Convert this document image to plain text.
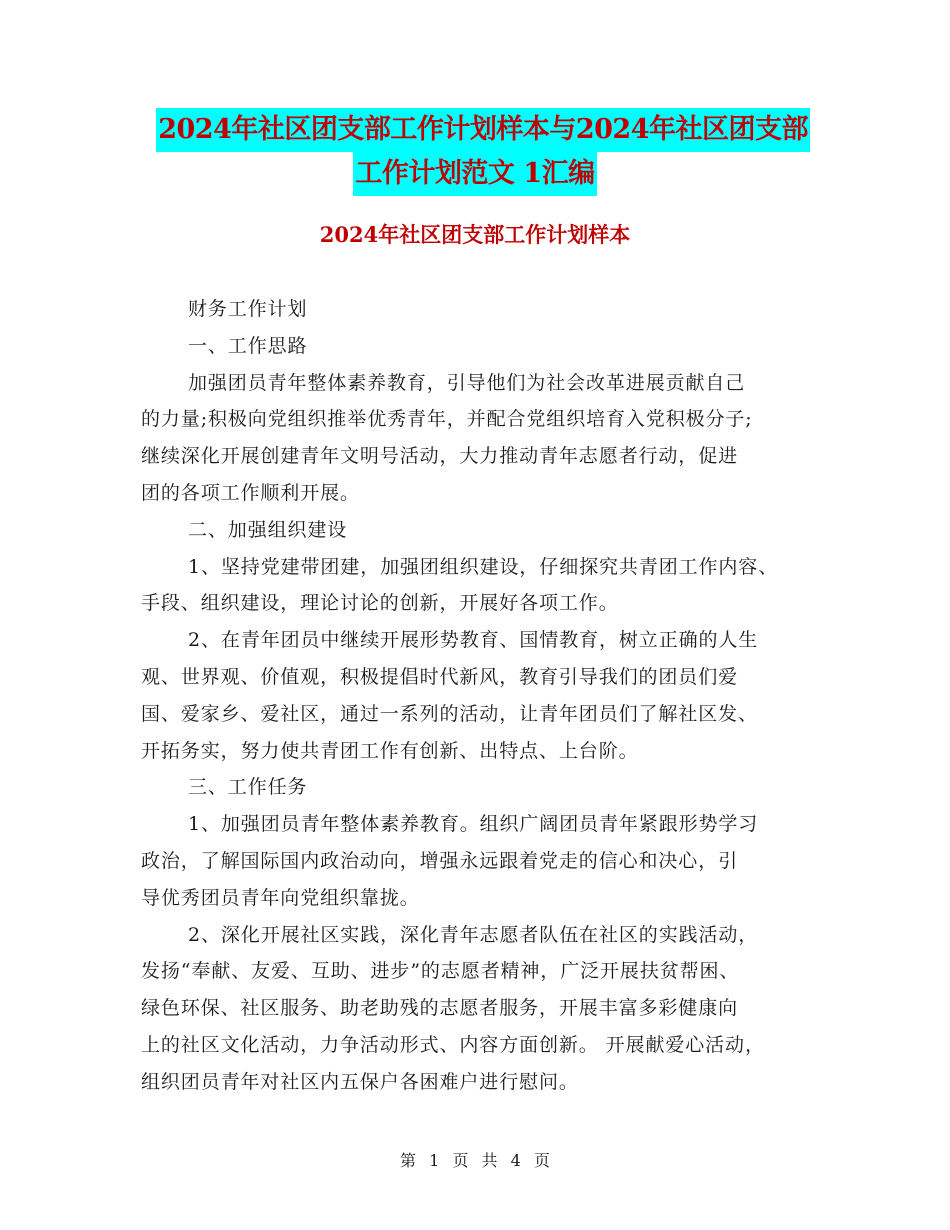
2024年社区团支部工作计划样本与2024年社区团支部
工作计划范文 1汇编
2024年社区团支部工作计划样本
财务工作计划
一、工作思路
加强团员青年整体素养教育，引导他们为社会改革进展贡献自己
的力量;积极向党组织推举优秀青年，并配合党组织培育入党积极分子;
继续深化开展创建青年文明号活动，大力推动青年志愿者行动，促进
团的各项工作顺利开展。
二、加强组织建设
1、坚持党建带团建，加强团组织建设，仔细探究共青团工作内容、
手段、组织建设，理论讨论的创新，开展好各项工作。
2、在青年团员中继续开展形势教育、国情教育，树立正确的人生
观、世界观、价值观，积极提倡时代新风，教育引导我们的团员们爱
国、爱家乡、爱社区，通过一系列的活动，让青年团员们了解社区发、
开拓务实，努力使共青团工作有创新、出特点、上台阶。
三、工作任务
1、加强团员青年整体素养教育。组织广阔团员青年紧跟形势学习
政治，了解国际国内政治动向，增强永远跟着党走的信心和决心，引
导优秀团员青年向党组织靠拢。
2、深化开展社区实践，深化青年志愿者队伍在社区的实践活动，
发扬“奉献、友爱、互助、进步”的志愿者精神，广泛开展扶贫帮困、
绿色环保、社区服务、助老助残的志愿者服务，开展丰富多彩健康向
上的社区文化活动，力争活动形式、内容方面创新。 开展献爱心活动，
组织团员青年对社区内五保户各困难户进行慰问。
第 1 页 共 4 页
